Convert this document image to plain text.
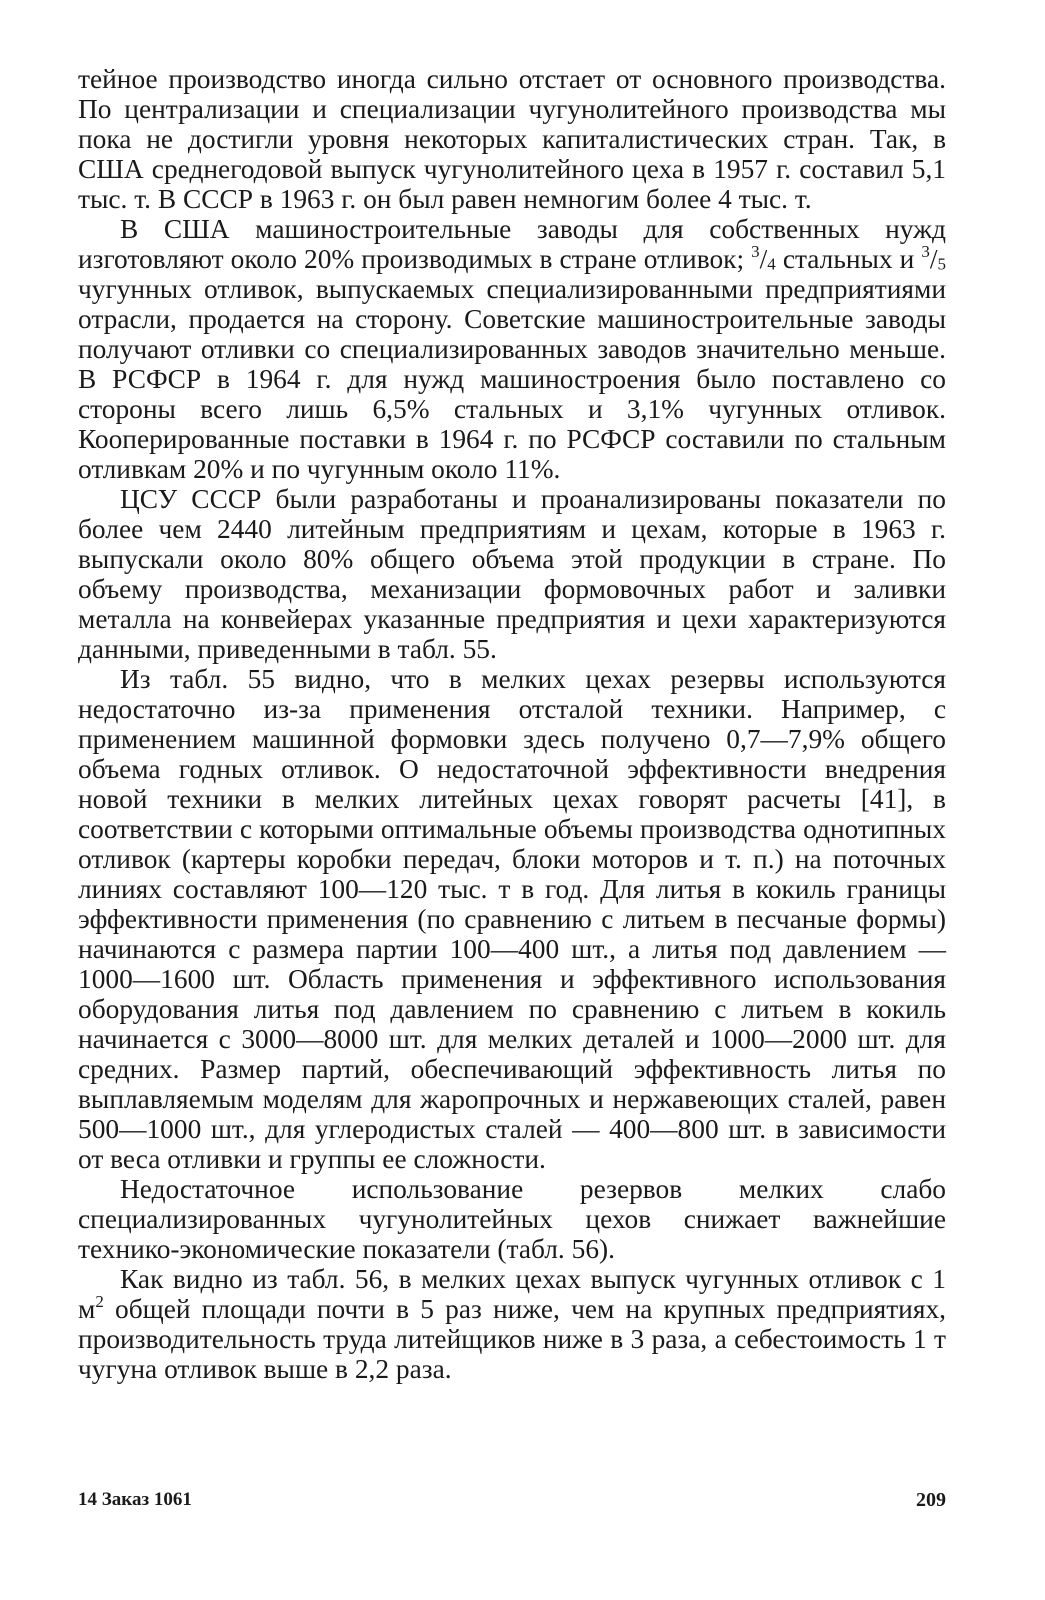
тейное производство иногда сильно отстает от основного производства. По централизации и специализации чугунолитейного производства мы пока не достигли уровня некоторых капиталистических стран. Так, в США среднегодовой выпуск чугунолитейного цеха в 1957 г. составил 5,1 тыс. т. В СССР в 1963 г. он был равен немногим более 4 тыс. т.

В США машиностроительные заводы для собственных нужд изготовляют около 20% производимых в стране отливок; $^3/_4$ стальных и $^3/_5$ чугунных отливок, выпускаемых специализированными предприятиями отрасли, продается на сторону. Советские машиностроительные заводы получают отливки со специализированных заводов значительно меньше. В РСФСР в 1964 г. для нужд машиностроения было поставлено со стороны всего лишь 6,5% стальных и 3,1% чугунных отливок. Кооперированные поставки в 1964 г. по РСФСР составили по стальным отливкам 20% и по чугунным около 11%.

ЦСУ СССР были разработаны и проанализированы показатели по более чем 2440 литейным предприятиям и цехам, которые в 1963 г. выпускали около 80% общего объема этой продукции в стране. По объему производства, механизации формовочных работ и заливки металла на конвейерах указанные предприятия и цехи характеризуются данными, приведенными в табл. 55.

Из табл. 55 видно, что в мелких цехах резервы используются недостаточно из-за применения отсталой техники. Например, с применением машинной формовки здесь получено 0,7—7,9% общего объема годных отливок. О недостаточной эффективности внедрения новой техники в мелких литейных цехах говорят расчеты [41], в соответствии с которыми оптимальные объемы производства однотипных отливок (картеры коробки передач, блоки моторов и т. п.) на поточных линиях составляют 100—120 тыс. т в год. Для литья в кокиль границы эффективности применения (по сравнению с литьем в песчаные формы) начинаются с размера партии 100—400 шт., а литья под давлением — 1000—1600 шт. Область применения и эффективного использования оборудования литья под давлением по сравнению с литьем в кокиль начинается с 3000—8000 шт. для мелких деталей и 1000—2000 шт. для средних. Размер партий, обеспечивающий эффективность литья по выплавляемым моделям для жаропрочных и нержавеющих сталей, равен 500—1000 шт., для углеродистых сталей — 400—800 шт. в зависимости от веса отливки и группы ее сложности.

Недостаточное использование резервов мелких слабо специализированных чугунолитейных цехов снижает важнейшие технико-экономические показатели (табл. 56).

Как видно из табл. 56, в мелких цехах выпуск чугунных отливок с 1 $м^2$ общей площади почти в 5 раз ниже, чем на крупных предприятиях, производительность труда литейщиков ниже в 3 раза, а себестоимость 1 т чугуна отливок выше в 2,2 раза.

14 Заказ 1061	209
